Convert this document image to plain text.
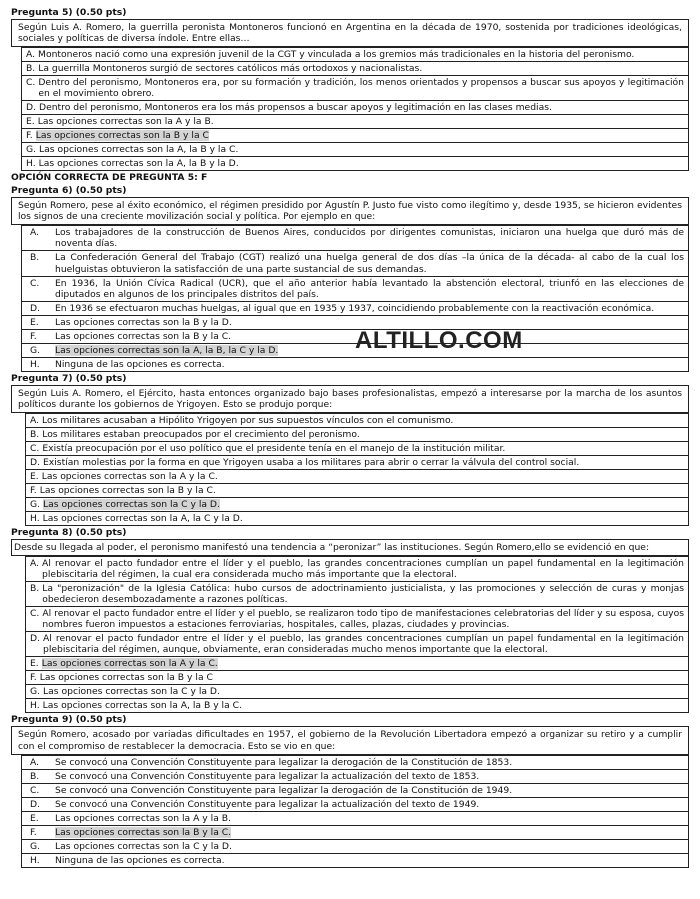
Pregunta 5) (0.50 pts)
Según Luis A. Romero, la guerrilla peronista Montoneros funcionó en Argentina en la década de 1970, sostenida por tradiciones ideológicas, sociales y políticas de diversa índole. Entre ellas…
A. Montoneros nació como una expresión juvenil de la CGT y vinculada a los gremios más tradicionales en la historia del peronismo.
B. La guerrilla Montoneros surgió de sectores católicos más ortodoxos y nacionalistas.
C. Dentro del peronismo, Montoneros era, por su formación y tradición, los menos orientados y propensos a buscar sus apoyos y legitimación en el movimiento obrero.
D. Dentro del peronismo, Montoneros era los más propensos a buscar apoyos y legitimación en las clases medias.
E. Las opciones correctas son la A y la B.
F. Las opciones correctas son la B y la C
G. Las opciones correctas son la A, la B y la C.
H. Las opciones correctas son la A, la B y la D.
OPCIÓN CORRECTA DE PREGUNTA 5: F
Pregunta 6) (0.50 pts)
Según Romero, pese al éxito económico, el régimen presidido por Agustín P. Justo fue visto como ilegítimo y, desde 1935, se hicieron evidentes los signos de una creciente movilización social y política. Por ejemplo en que:
A.	Los trabajadores de la construcción de Buenos Aires, conducidos por dirigentes comunistas, iniciaron una huelga que duró más de noventa días.
B.	La Confederación General del Trabajo (CGT) realizó una huelga general de dos días –la única de la década- al cabo de la cual los huelguistas obtuvieron la satisfacción de una parte sustancial de sus demandas.
C.	En 1936, la Unión Cívica Radical (UCR), que el año anterior había levantado la abstención electoral, triunfó en las elecciones de diputados en algunos de los principales distritos del país.
D.	En 1936 se efectuaron muchas huelgas, al igual que en 1935 y 1937, coincidiendo probablemente con la reactivación económica.
E.	Las opciones correctas son la B y la D.
F.	Las opciones correctas son la B y la C.
G.	Las opciones correctas son la A, la B, la C y la D.
H.	Ninguna de las opciones es correcta.
Pregunta 7) (0.50 pts)
Según Luis A. Romero, el Ejército, hasta entonces organizado bajo bases profesionalistas, empezó a interesarse por la marcha de los asuntos políticos durante los gobiernos de Yrigoyen. Esto se produjo porque:
A. Los militares acusaban a Hipólito Yrigoyen por sus supuestos vínculos con el comunismo.
B. Los militares estaban preocupados por el crecimiento del peronismo.
C. Existía preocupación por el uso político que el presidente tenía en el manejo de la institución militar.
D. Existían molestias por la forma en que Yrigoyen usaba a los militares para abrir o cerrar la válvula del control social.
E. Las opciones correctas son la A y la C.
F. Las opciones correctas son la B y la C.
G. Las opciones correctas son la C y la D.
H. Las opciones correctas son la A, la C y la D.
Pregunta 8) (0.50 pts)
Desde su llegada al poder, el peronismo manifestó una tendencia a “peronizar” las instituciones. Según Romero,ello se evidenció en que:
A. Al renovar el pacto fundador entre el líder y el pueblo, las grandes concentraciones cumplían un papel fundamental en la legitimación plebiscitaria del régimen, la cual era considerada mucho más importante que la electoral.
B. La "peronización" de la Iglesia Católica: hubo cursos de adoctrinamiento justicialista, y las promociones y selección de curas y monjas obedecieron desembozadamente a razones políticas.
C. Al renovar el pacto fundador entre el líder y el pueblo, se realizaron todo tipo de manifestaciones celebratorias del líder y su esposa, cuyos nombres fueron impuestos a estaciones ferroviarias, hospitales, calles, plazas, ciudades y provincias.
D. Al renovar el pacto fundador entre el líder y el pueblo, las grandes concentraciones cumplían un papel fundamental en la legitimación plebiscitaria del régimen, aunque, obviamente, eran consideradas mucho menos importante que la electoral.
E. Las opciones correctas son la A y la C.
F. Las opciones correctas son la B y la C
G. Las opciones correctas son la C y la D.
H. Las opciones correctas son la A, la B y la C.
Pregunta 9) (0.50 pts)
Según Romero, acosado por variadas dificultades en 1957, el gobierno de la Revolución Libertadora empezó a organizar su retiro y a cumplir con el compromiso de restablecer la democracia. Esto se vio en que:
A.	Se convocó una Convención Constituyente para legalizar la derogación de la Constitución de 1853.
B.	Se convocó una Convención Constituyente para legalizar la actualización del texto de 1853.
C.	Se convocó una Convención Constituyente para legalizar la derogación de la Constitución de 1949.
D.	Se convocó una Convención Constituyente para legalizar la actualización del texto de 1949.
E.	Las opciones correctas son la A y la B.
F.	Las opciones correctas son la B y la C.
G.	Las opciones correctas son la C y la D.
H.	Ninguna de las opciones es correcta.
ALTILLO.COM
